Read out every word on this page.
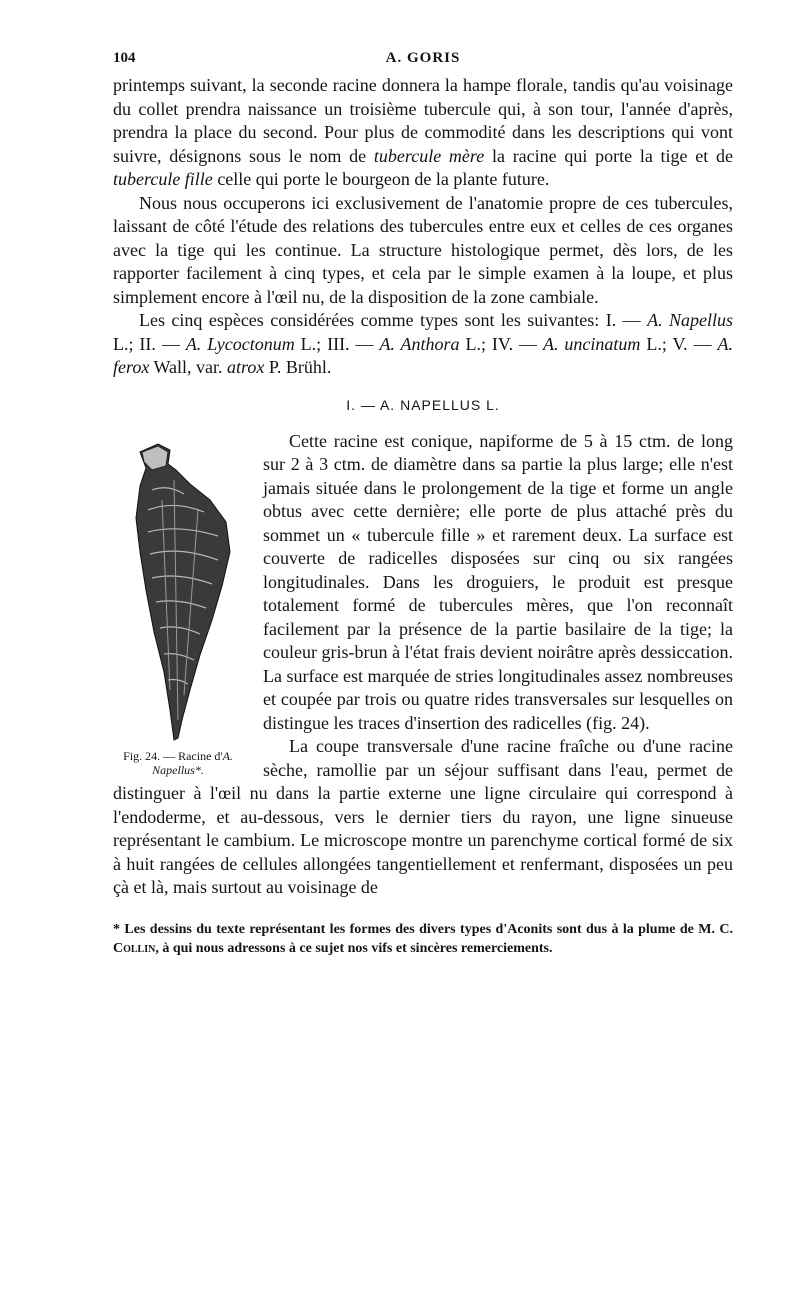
104	A. GORIS

printemps suivant, la seconde racine donnera la hampe florale, tandis qu'au voisinage du collet prendra naissance un troisième tubercule qui, à son tour, l'année d'après, prendra la place du second. Pour plus de commodité dans les descriptions qui vont suivre, désignons sous le nom de tubercule mère la racine qui porte la tige et de tubercule fille celle qui porte le bourgeon de la plante future.

Nous nous occuperons ici exclusivement de l'anatomie propre de ces tubercules, laissant de côté l'étude des relations des tubercules entre eux et celles de ces organes avec la tige qui les continue. La structure histologique permet, dès lors, de les rapporter facilement à cinq types, et cela par le simple examen à la loupe, et plus simplement encore à l'œil nu, de la disposition de la zone cambiale.

Les cinq espèces considérées comme types sont les suivantes: I. — A. Napellus L.; II. — A. Lycoctonum L.; III. — A. Anthora L.; IV. — A. uncinatum L.; V. — A. ferox Wall, var. atrox P. Brühl.

I. — A. NAPELLUS L.
Fig. 24. — Racine d'A. Napellus*.

Cette racine est conique, napiforme de 5 à 15 ctm. de long sur 2 à 3 ctm. de diamètre dans sa partie la plus large; elle n'est jamais située dans le prolongement de la tige et forme un angle obtus avec cette dernière; elle porte de plus attaché près du sommet un « tubercule fille » et rarement deux. La surface est couverte de radicelles disposées sur cinq ou six rangées longitudinales. Dans les droguiers, le produit est presque totalement formé de tubercules mères, que l'on reconnaît facilement par la présence de la partie basilaire de la tige; la couleur gris-brun à l'état frais devient noirâtre après dessiccation. La surface est marquée de stries longitudinales assez nombreuses et coupée par trois ou quatre rides transversales sur lesquelles on distingue les traces d'insertion des radicelles (fig. 24).

La coupe transversale d'une racine fraîche ou d'une racine sèche, ramollie par un séjour suffisant dans l'eau, permet de distinguer à l'œil nu dans la partie externe une ligne circulaire qui correspond à l'endoderme, et au-dessous, vers le dernier tiers du rayon, une ligne sinueuse représentant le cambium. Le microscope montre un parenchyme cortical formé de six à huit rangées de cellules allongées tangentiellement et renfermant, disposées un peu çà et là, mais surtout au voisinage de

* Les dessins du texte représentant les formes des divers types d'Aconits sont dus à la plume de M. C. Collin, à qui nous adressons à ce sujet nos vifs et sincères remerciements.
